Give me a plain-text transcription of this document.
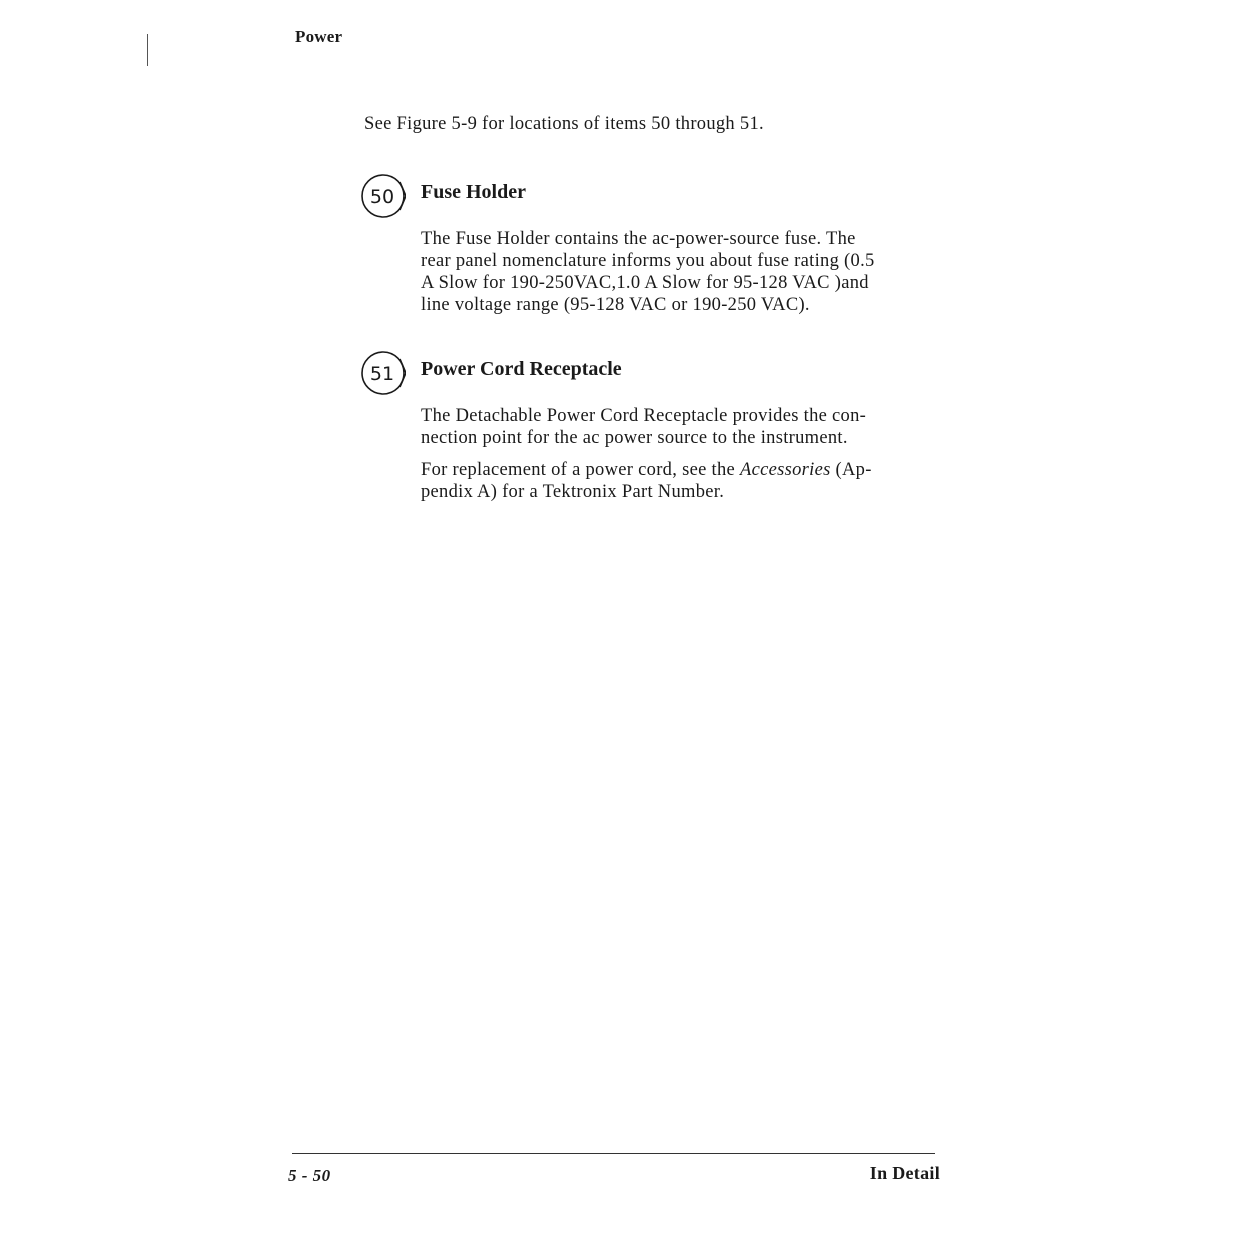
Power
See Figure 5-9 for locations of items 50 through 51.
50 Fuse Holder

The Fuse Holder contains the ac-power-source fuse. The
rear panel nomenclature informs you about fuse rating (0.5
A Slow for 190-250VAC,1.0 A Slow for 95-128 VAC )and
line voltage range (95-128 VAC or 190-250 VAC).

51 Power Cord Receptacle

The Detachable Power Cord Receptacle provides the con-
nection point for the ac power source to the instrument.

For replacement of a power cord, see the Accessories (Ap-
pendix A) for a Tektronix Part Number.

5 - 50	In Detail
